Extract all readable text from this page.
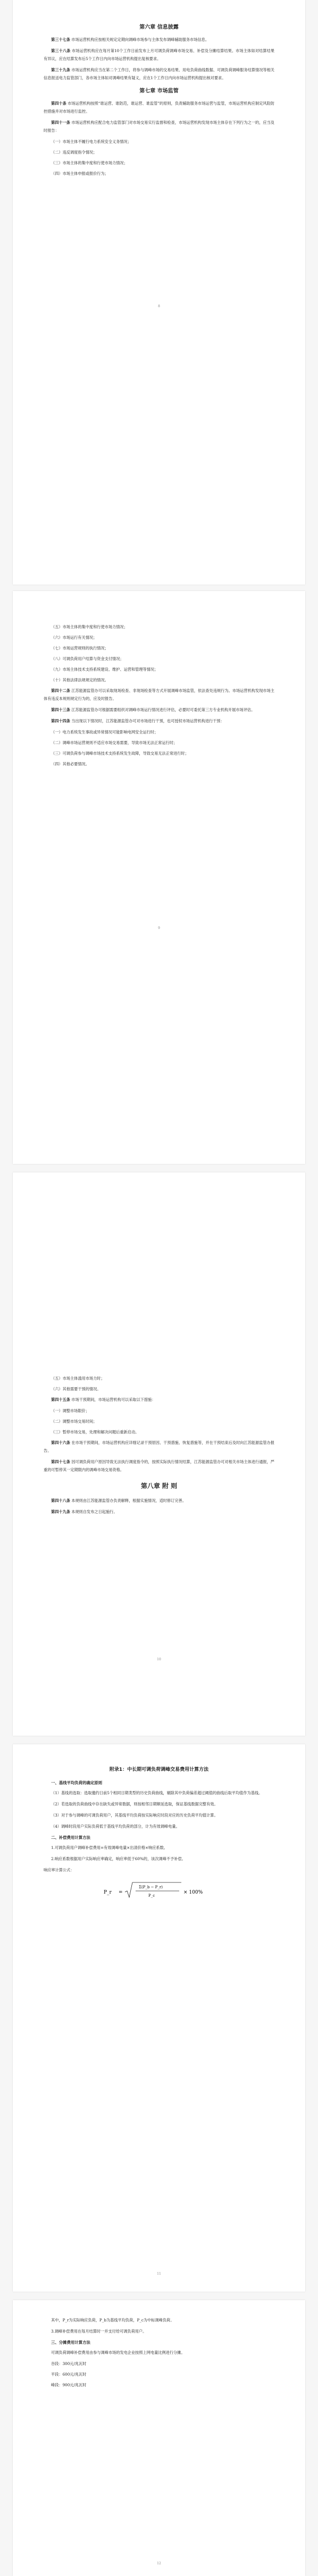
第六章 信息披露

第三十七条 市场运营机构应按相关规定定期向调峰市场参与主体发布调峰辅助服务市场信息。

第三十八条 市场运营机构应在每月第10个工作日前发布上月可调负荷调峰市场交易、补偿及分摊结算结果。市场主体如对结算结果有异议，应在结算发布后5个工作日内向市场运营机构提出复核要求。

第三十九条 市场运营机构应当在第二个工作日，将参与调峰市场的交易结果、用电负荷曲线数据、可调负荷调峰服务结算情况等相关信息报送电力监管部门，各市场主体如对调峰结果有疑义，应在1个工作日内向市场运营机构提出核对要求。

第七章 市场监管

第四十条 市场运营机构按照“谁运营、谁防范，谁运营、谁监管”的原则，负责辅助服务市场运营与监管，市场运营机构应制定风险防控措施并对市场进行监控。

第四十一条 市场运营机构应配合电力监管部门对市场交易实行监督和检查，市场运营机构发现市场主体存在下列行为之一的，应当及时报告：

（一）市场主体不履行电力系统安全义务情况；

（二）违反调度指令情况；

（三）市场主体的集中度和行使市场力情况；

（四）市场主体申报或报价行为；

8

（五）市场主体的集中度和行使市场力情况；

（六）市场运行有关情况；

（七）市场运营规则的执行情况；

（八）可调负荷用户结算与资金支付情况；

（九）市场主体技术支持系统建设、维护、运营和管理等情况；

（十）其他法律法规规定的情况。

第四十二条 江苏能源监管办可以采取现场检查、非现场检查等方式开展调峰市场监管，依法查处违规行为。市场运营机构发现市场主体有违反本规则规定行为的，应及时报告。

第四十三条 江苏能源监管办可根据需要组织对调峰市场运行情况进行评估，必要时可委托第三方专业机构开展市场评估。

第四十四条 当出现以下情况时，江苏能源监管办可对市场进行干预，也可授权市场运营机构进行干预：

（一）电力系统发生事故或异常情况可能影响电网安全运行时；

（二）调峰市场运营规则不适应市场交易需要，导致市场无法正常运行时；

（三）可调负荷参与调峰市场技术支持系统发生故障，导致交易无法正常进行时；

（四）其他必要情况。

9

（五）市场主体滥用市场力时；

（六）其他需要干预的情况。

第四十五条 市场干预期间，市场运营机构可以采取以下措施：

（一）调整市场限价；

（二）调整市场交易时间；

（三）暂停市场交易，处理和解决问题后重新启动。

第四十六条 在市场干预期间，市场运营机构应详细记录干预原因、干预措施、恢复措施等，并在干预结束后及时向江苏能源监管办报告。

第四十七条 因可调负荷用户原因导致无法执行调度指令的，按照实际执行情况结算，江苏能源监管办可对相关市场主体进行通报，严重的可暂停其一定期限内的调峰市场交易资格。

第八章 附 则

第四十八条 本规则由江苏能源监管办负责解释，根据实施情况，适时修订完善。

第四十九条 本规则自发布之日起施行。

10
附录1：中长期可调负荷调峰交易费用计算方法
一、基线平均负荷的确定原则

（1）基线的选取：选取邀约日前5个相同日期类型的历史负荷曲线，剔除其中负荷偏差超过阈值的曲线后取平均值作为基线。

（2）若选取的负荷曲线中存在缺失或异常数据，则按相邻日期顺延选取，保证基线数据完整有效。

（3）对于参与调峰的可调负荷用户，其基线平均负荷按实际响应时段对应的历史负荷平均值计算。

（4）调峰时段用户实际负荷低于基线平均负荷的部分，计为有效调峰电量。

二、补偿费用计算方法

1.可调负荷用户调峰补偿费用=有效调峰电量×出清价格×响应系数。

2.响应系数根据用户实际响应率确定，响应率低于60%的，该次调峰不予补偿。

响应率计算公式：

P_r =
Σ(P_b − P_r)
P_c
× 100%
11

其中，P_r为实际响应负荷，P_b为基线平均负荷，P_c为中标调峰负荷。

3.调峰补偿费用在每月结算时一并支付给可调负荷用户。

三、分摊费用计算方法

可调负荷调峰补偿费用由参与调峰市场的发电企业按照上网电量比例进行分摊。

谷段：300元/兆瓦时

平段：600元/兆瓦时

峰段：900元/兆瓦时

12
